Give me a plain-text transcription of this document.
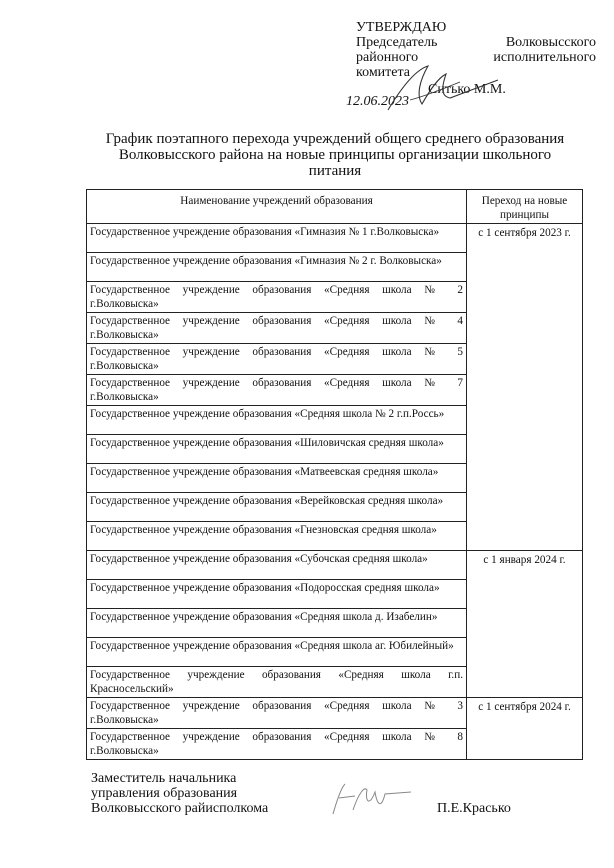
УТВЕРЖДАЮ
Председатель	Волковысского
районного	исполнительного
комитета
Ситько М.М.
12.06.2023
График поэтапного перехода учреждений общего среднего образования Волковысского района на новые принципы организации школьного питания
Наименование учреждений образования	Переход на новые принципы
Государственное учреждение образования «Гимназия № 1 г.Волковыска»	с 1 сентября 2023 г.
Государственное учреждение образования «Гимназия № 2 г. Волковыска»	
Государственное учреждение образования «Средняя школа № 2 г.Волковыска»	
Государственное учреждение образования «Средняя школа № 4 г.Волковыска»	
Государственное учреждение образования «Средняя школа № 5 г.Волковыска»	
Государственное учреждение образования «Средняя школа № 7 г.Волковыска»	
Государственное учреждение образования «Средняя школа № 2 г.п.Россь»	
Государственное учреждение образования «Шиловичская средняя школа»	
Государственное учреждение образования «Матвеевская средняя школа»	
Государственное учреждение образования «Верейковская средняя школа»	
Государственное учреждение образования «Гнезновская средняя школа»	
Государственное учреждение образования «Субочская средняя школа»	с 1 января 2024 г.
Государственное учреждение образования «Подоросская средняя школа»	
Государственное учреждение образования «Средняя школа д. Изабелин»	
Государственное учреждение образования «Средняя школа аг. Юбилейный»	
Государственное учреждение образования «Средняя школа г.п. Красносельский»	
Государственное учреждение образования «Средняя школа № 3 г.Волковыска»	с 1 сентября 2024 г.
Государственное учреждение образования «Средняя школа № 8 г.Волковыска»	
Заместитель начальника
управления образования
Волковысского райисполкома	П.Е.Красько
